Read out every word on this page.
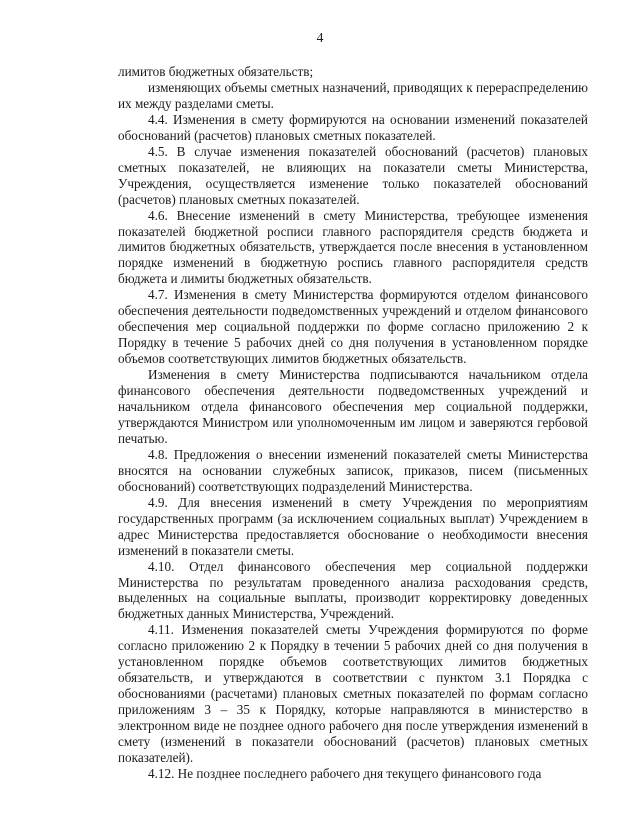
4

лимитов бюджетных обязательств;

изменяющих объемы сметных назначений, приводящих к перераспределению их между разделами сметы.

4.4. Изменения в смету формируются на основании изменений показателей обоснований (расчетов) плановых сметных показателей.

4.5. В случае изменения показателей обоснований (расчетов) плановых сметных показателей, не влияющих на показатели сметы Министерства, Учреждения, осуществляется изменение только показателей обоснований (расчетов) плановых сметных показателей.

4.6. Внесение изменений в смету Министерства, требующее изменения показателей бюджетной росписи главного распорядителя средств бюджета и лимитов бюджетных обязательств, утверждается после внесения в установленном порядке изменений в бюджетную роспись главного распорядителя средств бюджета и лимиты бюджетных обязательств.

4.7. Изменения в смету Министерства формируются отделом финансового обеспечения деятельности подведомственных учреждений и отделом финансового обеспечения мер социальной поддержки по форме согласно приложению 2 к Порядку в течение 5 рабочих дней со дня получения в установленном порядке объемов соответствующих лимитов бюджетных обязательств.

Изменения в смету Министерства подписываются начальником отдела финансового обеспечения деятельности подведомственных учреждений и начальником отдела финансового обеспечения мер социальной поддержки, утверждаются Министром или уполномоченным им лицом и заверяются гербовой печатью.

4.8. Предложения о внесении изменений показателей сметы Министерства вносятся на основании служебных записок, приказов, писем (письменных обоснований) соответствующих подразделений Министерства.

4.9. Для внесения изменений в смету Учреждения по мероприятиям государственных программ (за исключением социальных выплат) Учреждением в адрес Министерства предоставляется обоснование о необходимости внесения изменений в показатели сметы.

4.10. Отдел финансового обеспечения мер социальной поддержки Министерства по результатам проведенного анализа расходования средств, выделенных на социальные выплаты, производит корректировку доведенных бюджетных данных Министерства, Учреждений.

4.11. Изменения показателей сметы Учреждения формируются по форме согласно приложению 2 к Порядку в течении 5 рабочих дней со дня получения в установленном порядке объемов соответствующих лимитов бюджетных обязательств, и утверждаются в соответствии с пунктом 3.1 Порядка с обоснованиями (расчетами) плановых сметных показателей по формам согласно приложениям 3 – 35 к Порядку, которые направляются в министерство в электронном виде не позднее одного рабочего дня после утверждения изменений в смету (изменений в показатели обоснований (расчетов) плановых сметных показателей).

4.12. Не позднее последнего рабочего дня текущего финансового года
